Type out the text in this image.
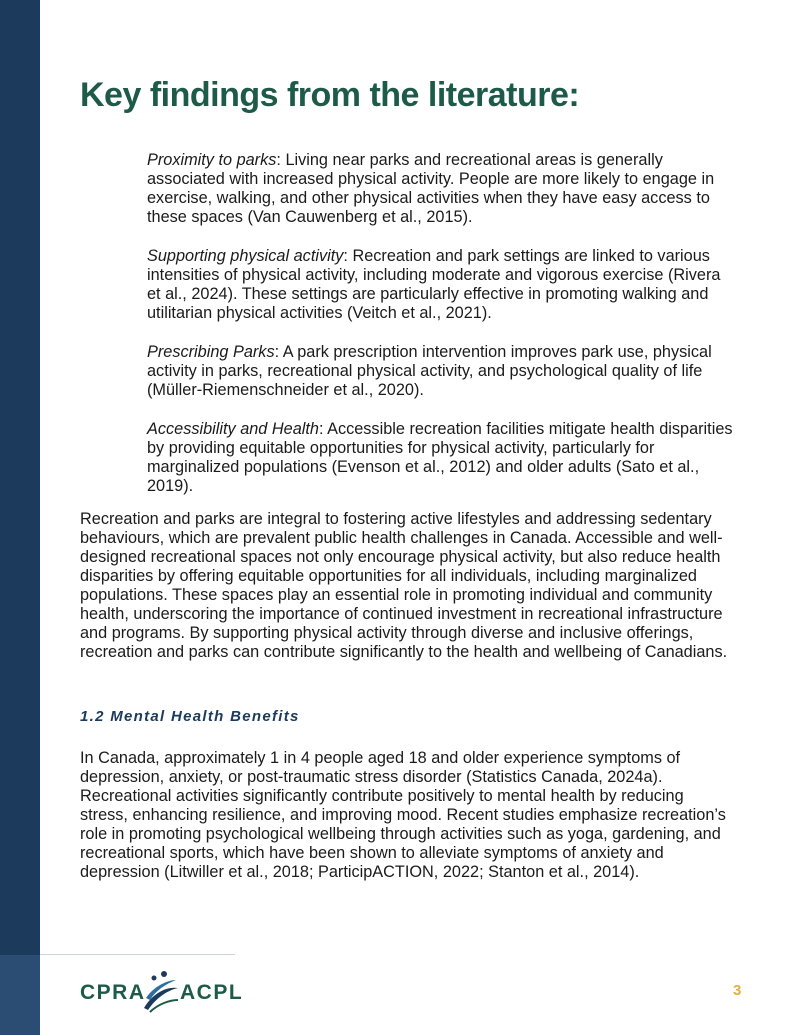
Key findings from the literature:

Proximity to parks: Living near parks and recreational areas is generally associated with increased physical activity. People are more likely to engage in exercise, walking, and other physical activities when they have easy access to these spaces (Van Cauwenberg et al., 2015).

Supporting physical activity: Recreation and park settings are linked to various intensities of physical activity, including moderate and vigorous exercise (Rivera et al., 2024). These settings are particularly effective in promoting walking and utilitarian physical activities (Veitch et al., 2021).

Prescribing Parks: A park prescription intervention improves park use, physical activity in parks, recreational physical activity, and psychological quality of life (Müller-Riemenschneider et al., 2020).

Accessibility and Health: Accessible recreation facilities mitigate health disparities by providing equitable opportunities for physical activity, particularly for marginalized populations (Evenson et al., 2012) and older adults (Sato et al., 2019).

Recreation and parks are integral to fostering active lifestyles and addressing sedentary behaviours, which are prevalent public health challenges in Canada. Accessible and well- designed recreational spaces not only encourage physical activity, but also reduce health disparities by offering equitable opportunities for all individuals, including marginalized populations. These spaces play an essential role in promoting individual and community health, underscoring the importance of continued investment in recreational infrastructure and programs. By supporting physical activity through diverse and inclusive offerings, recreation and parks can contribute significantly to the health and wellbeing of Canadians.

1.2 Mental Health Benefits

In Canada, approximately 1 in 4 people aged 18 and older experience symptoms of depression, anxiety, or post-traumatic stress disorder (Statistics Canada, 2024a). Recreational activities significantly contribute positively to mental health by reducing stress, enhancing resilience, and improving mood. Recent studies emphasize recreation’s role in promoting psychological wellbeing through activities such as yoga, gardening, and recreational sports, which have been shown to alleviate symptoms of anxiety and depression (Litwiller et al., 2018; ParticipACTION, 2022; Stanton et al., 2014).

CPRA ACPL	3
